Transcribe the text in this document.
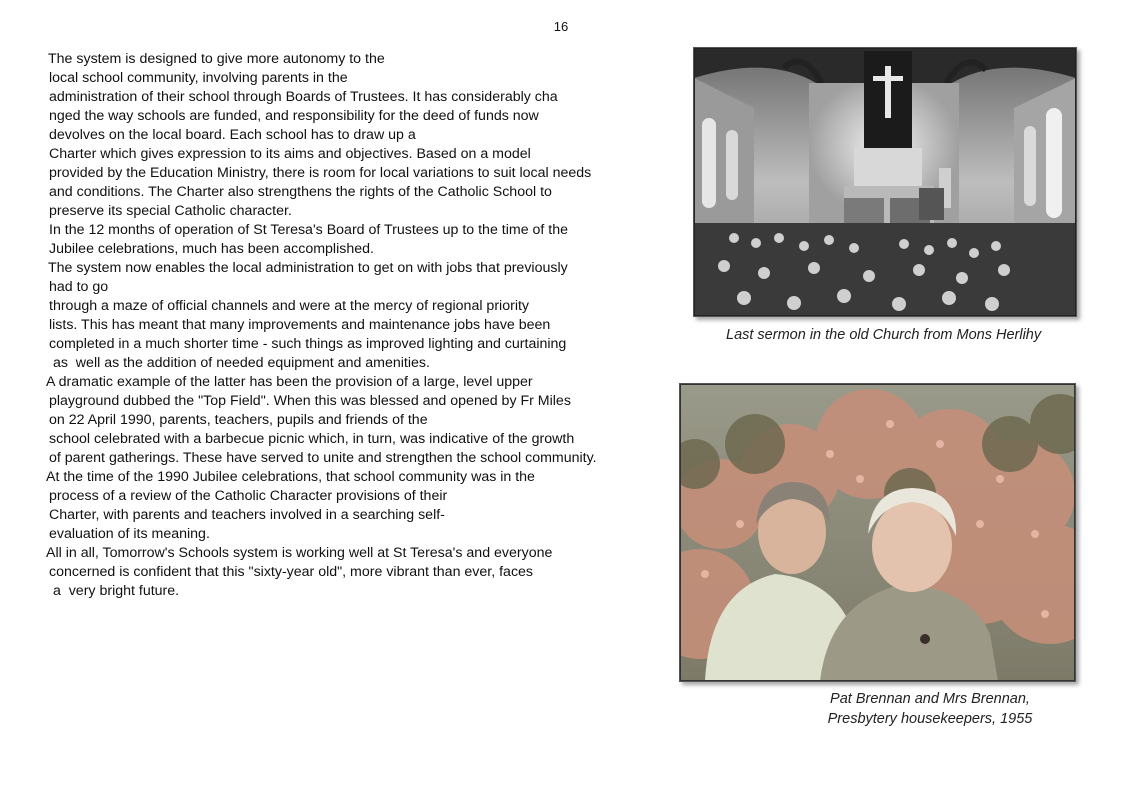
16
The system is designed to give more autonomy to the
local school community, involving parents in the
administration of their school through Boards of Trustees. It has considerably cha
nged the way schools are funded, and responsibility for the deed of funds now
devolves on the local board. Each school has to draw up a
Charter which gives expression to its aims and objectives. Based on a model
provided by the Education Ministry, there is room for local variations to suit local needs
and conditions. The Charter also strengthens the rights of the Catholic School to
preserve its special Catholic character.
In the 12 months of operation of St Teresa's Board of Trustees up to the time of the
Jubilee celebrations, much has been accomplished.
The system now enables the local administration to get on with jobs that previously
had to go
through a maze of official channels and were at the mercy of regional priority
lists. This has meant that many improvements and maintenance jobs have been
completed in a much shorter time - such things as improved lighting and curtaining
as  well as the addition of needed equipment and amenities.
A dramatic example of the latter has been the provision of a large, level upper
playground dubbed the "Top Field". When this was blessed and opened by Fr Miles
on 22 April 1990, parents, teachers, pupils and friends of the
school celebrated with a barbecue picnic which, in turn, was indicative of the growth
of parent gatherings. These have served to unite and strengthen the school community.
At the time of the 1990 Jubilee celebrations, that school community was in the
process of a review of the Catholic Character provisions of their
Charter, with parents and teachers involved in a searching self-
evaluation of its meaning.
All in all, Tomorrow's Schools system is working well at St Teresa's and everyone
concerned is confident that this "sixty-year old", more vibrant than ever, faces
a  very bright future.
Last sermon in the old Church from Mons Herlihy
Pat Brennan and Mrs Brennan,
Presbytery housekeepers, 1955
